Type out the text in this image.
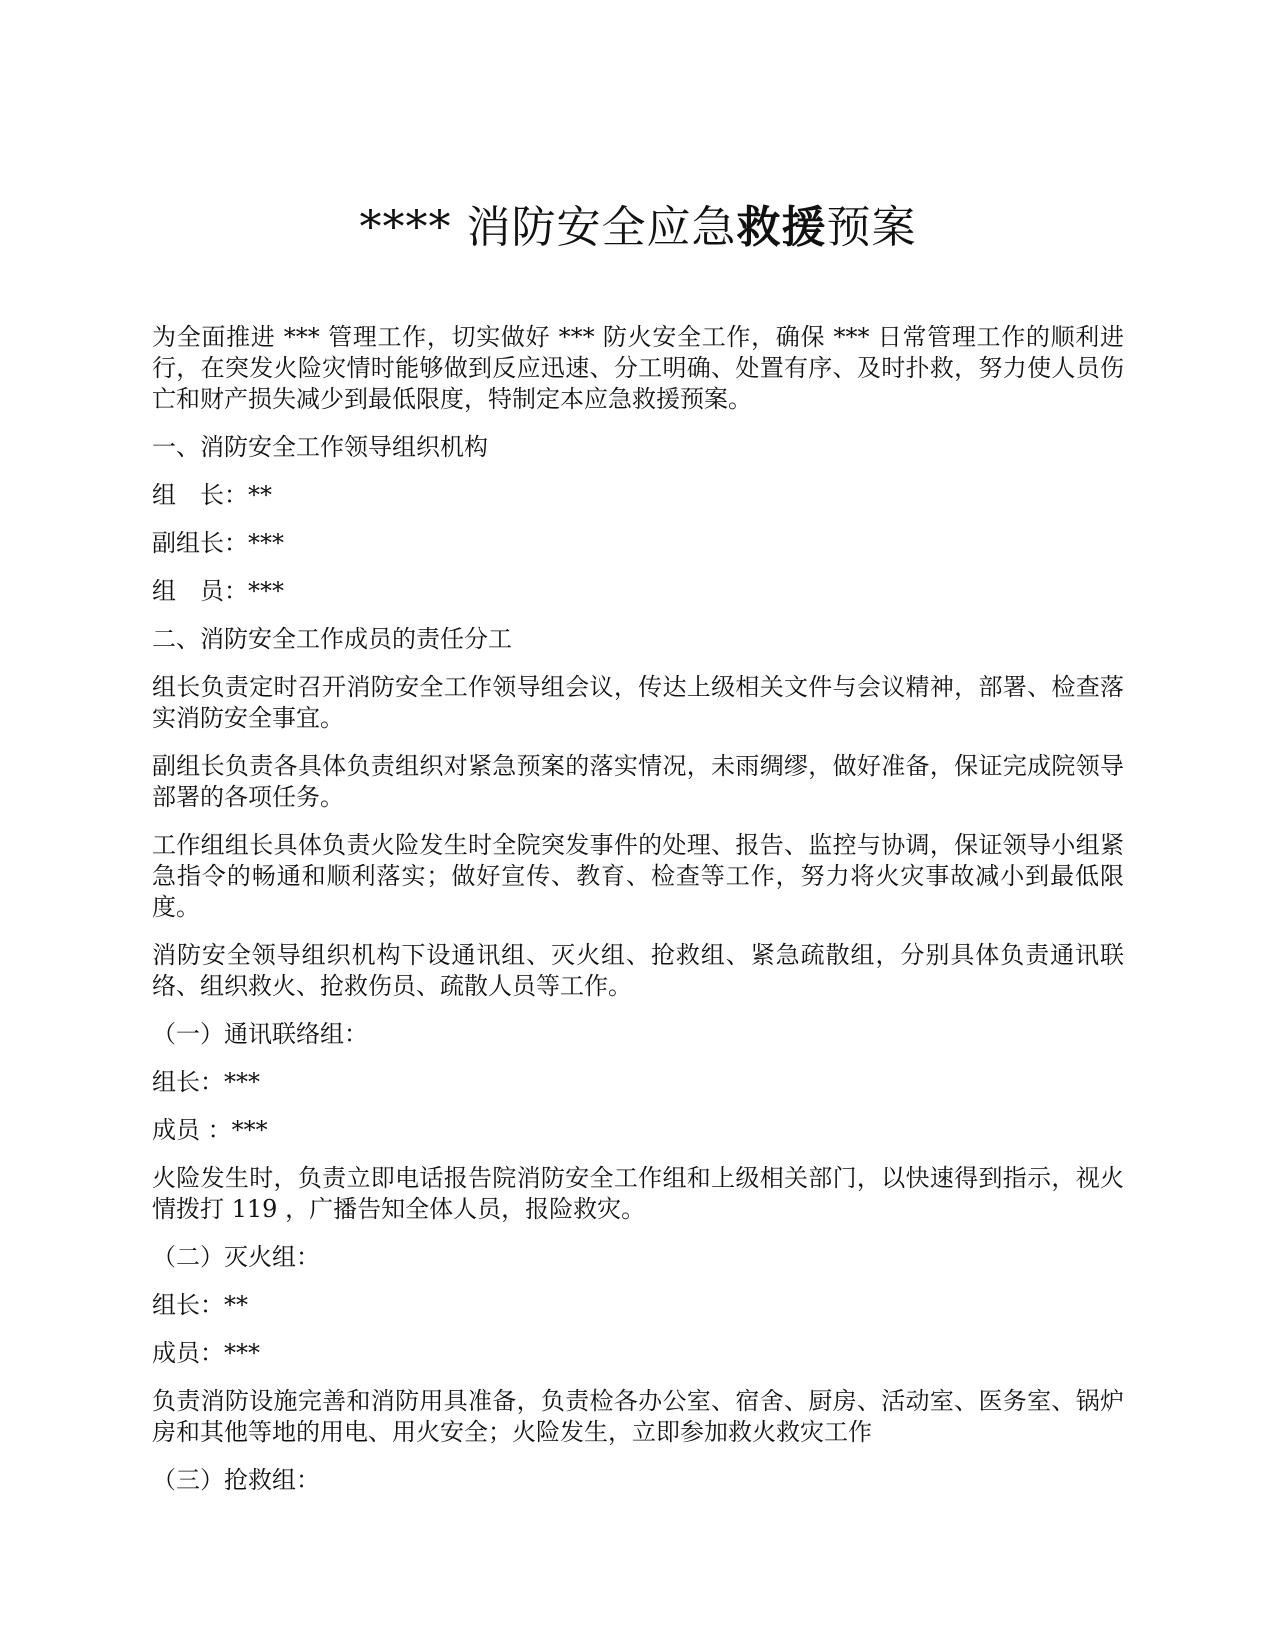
**** 消防安全应急救援预案

为全面推进 *** 管理工作，切实做好 *** 防火安全工作，确保 *** 日常管理工作的顺利进行，在突发火险灾情时能够做到反应迅速、分工明确、处置有序、及时扑救，努力使人员伤亡和财产损失减少到最低限度，特制定本应急救援预案。

一、消防安全工作领导组织机构

组　长：**

副组长：***

组　员：***

二、消防安全工作成员的责任分工

组长负责定时召开消防安全工作领导组会议，传达上级相关文件与会议精神，部署、检查落实消防安全事宜。

副组长负责各具体负责组织对紧急预案的落实情况，未雨绸缪，做好准备，保证完成院领导部署的各项任务。

工作组组长具体负责火险发生时全院突发事件的处理、报告、监控与协调，保证领导小组紧急指令的畅通和顺利落实；做好宣传、教育、检查等工作，努力将火灾事故减小到最低限度。

消防安全领导组织机构下设通讯组、灭火组、抢救组、紧急疏散组，分别具体负责通讯联络、组织救火、抢救伤员、疏散人员等工作。

（一）通讯联络组：

组长：***

成员 ：***

火险发生时，负责立即电话报告院消防安全工作组和上级相关部门，以快速得到指示，视火情拨打 119 ，广播告知全体人员，报险救灾。

（二）灭火组：

组长：**

成员：***

负责消防设施完善和消防用具准备，负责检各办公室、宿舍、厨房、活动室、医务室、锅炉房和其他等地的用电、用火安全；火险发生，立即参加救火救灾工作

（三）抢救组：
